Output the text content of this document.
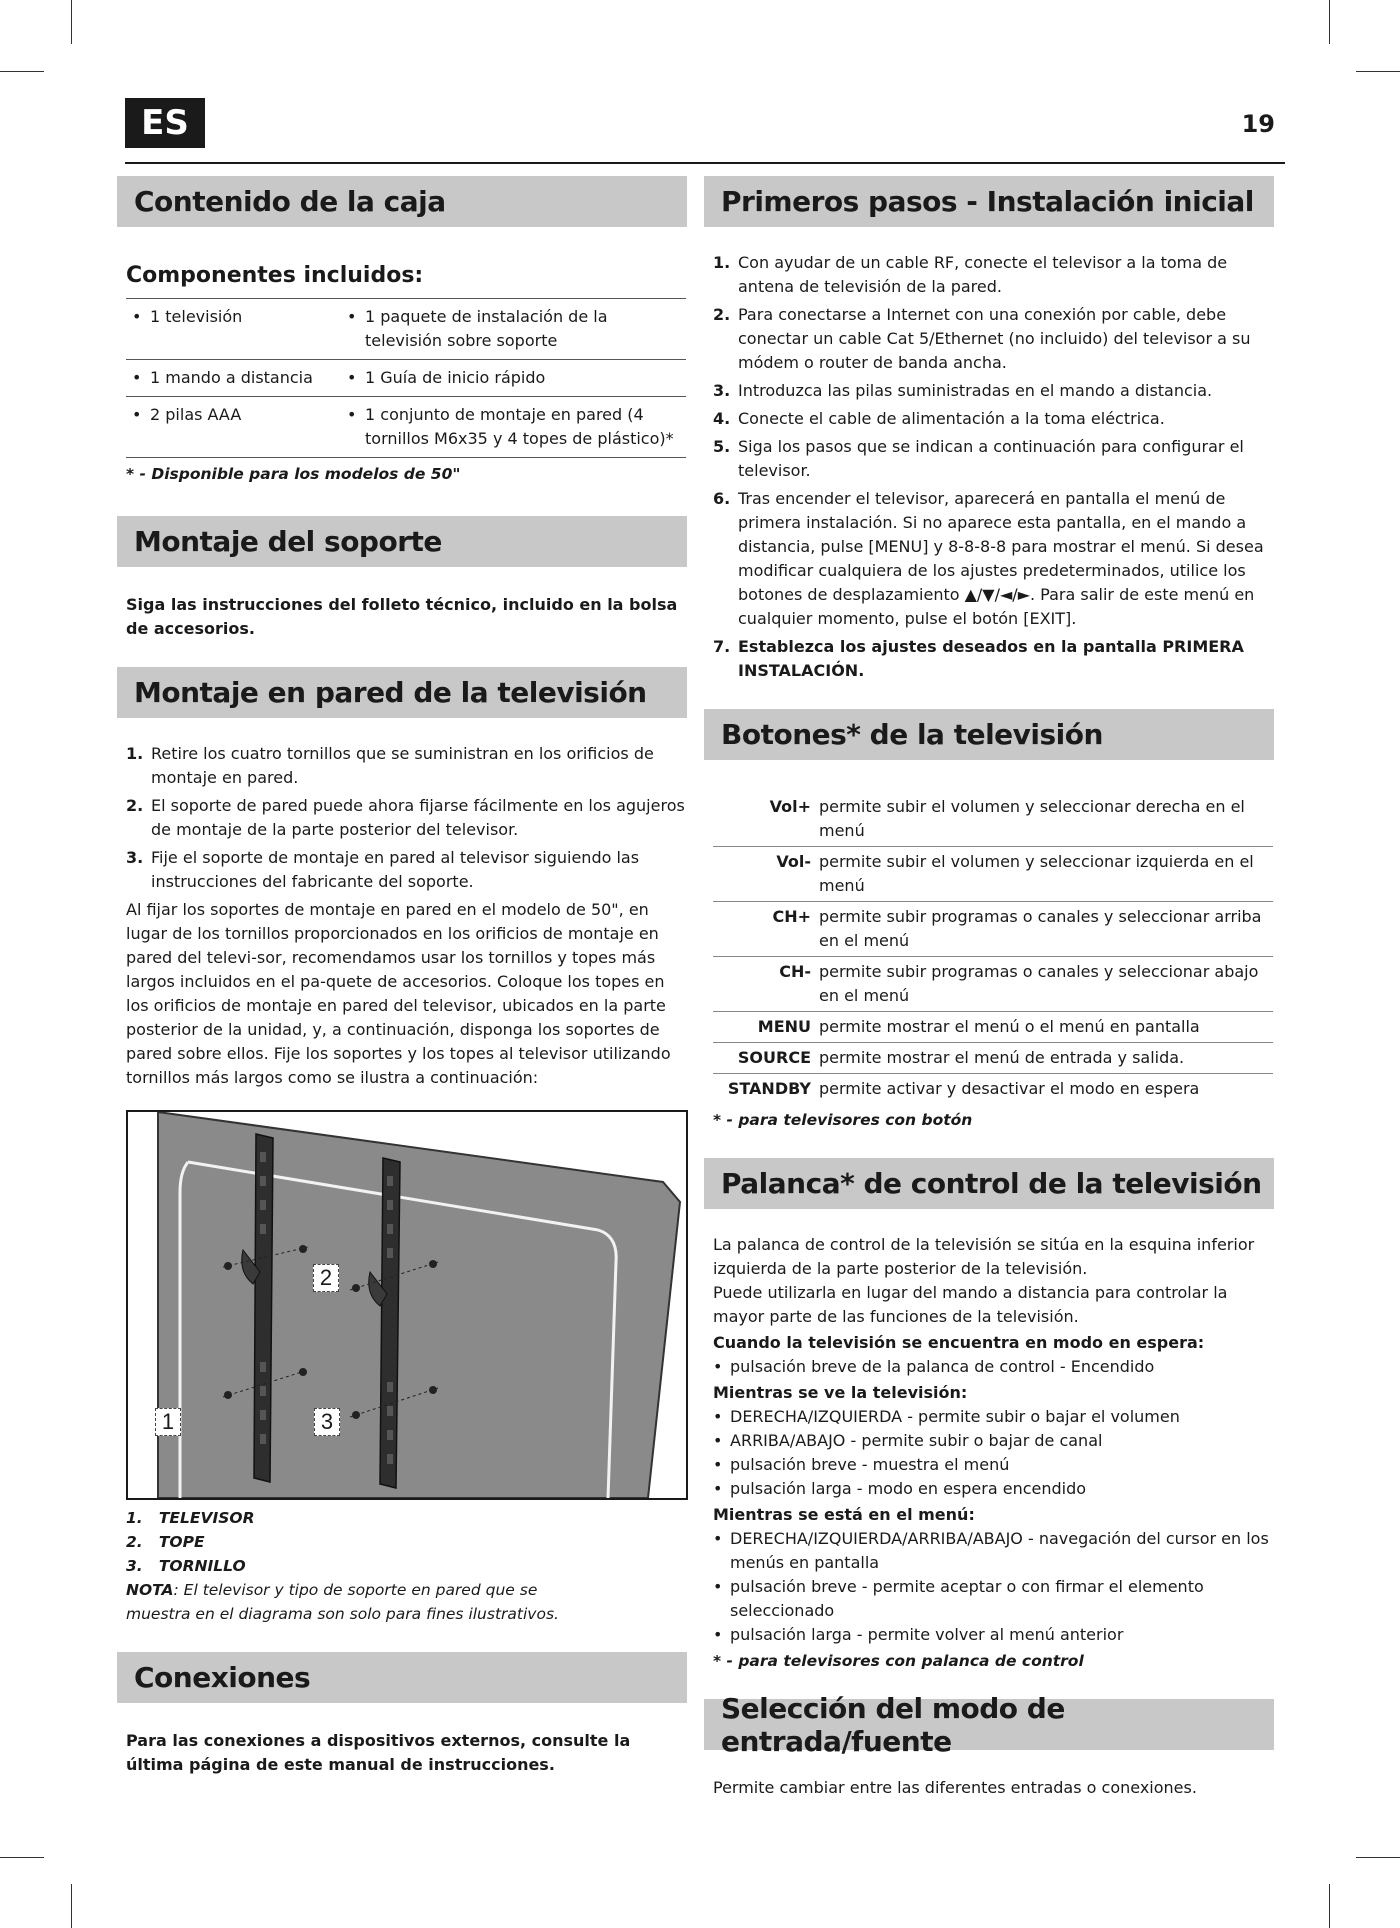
ES	19
Contenido de la caja
Componentes incluidos:
•	1 televisión	•	1 paquete de instalación de la televisión sobre soporte
•	1 mando a distancia	•	1 Guía de inicio rápido
•	2 pilas AAA	•	1 conjunto de montaje en pared (4 tornillos M6x35 y 4 topes de plástico)*
* - Disponible para los modelos de 50"
Montaje del soporte
Siga las instrucciones del folleto técnico, incluido en la bolsa de accesorios.
Montaje en pared de la televisión
1. Retire los cuatro tornillos que se suministran en los orificios de montaje en pared.
2. El soporte de pared puede ahora fijarse fácilmente en los agujeros de montaje de la parte posterior del televisor.
3. Fije el soporte de montaje en pared al televisor siguiendo las instrucciones del fabricante del soporte.
Al fijar los soportes de montaje en pared en el modelo de 50", en lugar de los tornillos proporcionados en los orificios de montaje en pared del televi-sor, recomendamos usar los tornillos y topes más largos incluidos en el pa-quete de accesorios. Coloque los topes en los orificios de montaje en pared del televisor, ubicados en la parte posterior de la unidad, y, a continuación, disponga los soportes de pared sobre ellos. Fije los soportes y los topes al televisor utilizando tornillos más largos como se ilustra a continuación:
2
1	3
1.   TELEVISOR
2.   TOPE
3.   TORNILLO
NOTA: El televisor y tipo de soporte en pared que se muestra en el diagrama son solo para fines ilustrativos.
Conexiones
Para las conexiones a dispositivos externos, consulte la última página de este manual de instrucciones.
Primeros pasos - Instalación inicial
1. Con ayudar de un cable RF, conecte el televisor a la toma de antena de televisión de la pared.
2. Para conectarse a Internet con una conexión por cable, debe conectar un cable Cat 5/Ethernet (no incluido) del televisor a su módem o router de banda ancha.
3. Introduzca las pilas suministradas en el mando a distancia.
4. Conecte el cable de alimentación a la toma eléctrica.
5. Siga los pasos que se indican a continuación para configurar el televisor.
6. Tras encender el televisor, aparecerá en pantalla el menú de primera instalación. Si no aparece esta pantalla, en el mando a distancia, pulse [MENU] y 8-8-8-8 para mostrar el menú. Si desea modificar cualquiera de los ajustes predeterminados, utilice los botones de desplazamiento ▲/▼/◄/►. Para salir de este menú en cualquier momento, pulse el botón [EXIT].
7. Establezca los ajustes deseados en la pantalla PRIMERA INSTALACIÓN.
Botones* de la televisión
Vol+	permite subir el volumen y seleccionar derecha en el menú
Vol-	permite subir el volumen y seleccionar izquierda en el menú
CH+	permite subir programas o canales y seleccionar arriba en el menú
CH-	permite subir programas o canales y seleccionar abajo en el menú
MENU	permite mostrar el menú o el menú en pantalla
SOURCE	permite mostrar el menú de entrada y salida.
STANDBY	permite activar y desactivar el modo en espera
* - para televisores con botón
Palanca* de control de la televisión
La palanca de control de la televisión se sitúa en la esquina inferior izquierda de la parte posterior de la televisión.
Puede utilizarla en lugar del mando a distancia para controlar la mayor parte de las funciones de la televisión.
Cuando la televisión se encuentra en modo en espera:
• pulsación breve de la palanca de control - Encendido
Mientras se ve la televisión:
• DERECHA/IZQUIERDA - permite subir o bajar el volumen
• ARRIBA/ABAJO - permite subir o bajar de canal
• pulsación breve - muestra el menú
• pulsación larga - modo en espera encendido
Mientras se está en el menú:
• DERECHA/IZQUIERDA/ARRIBA/ABAJO - navegación del cursor en los menús en pantalla
• pulsación breve - permite aceptar o con firmar el elemento seleccionado
• pulsación larga - permite volver al menú anterior
* - para televisores con palanca de control
Selección del modo de entrada/fuente
Permite cambiar entre las diferentes entradas o conexiones.
